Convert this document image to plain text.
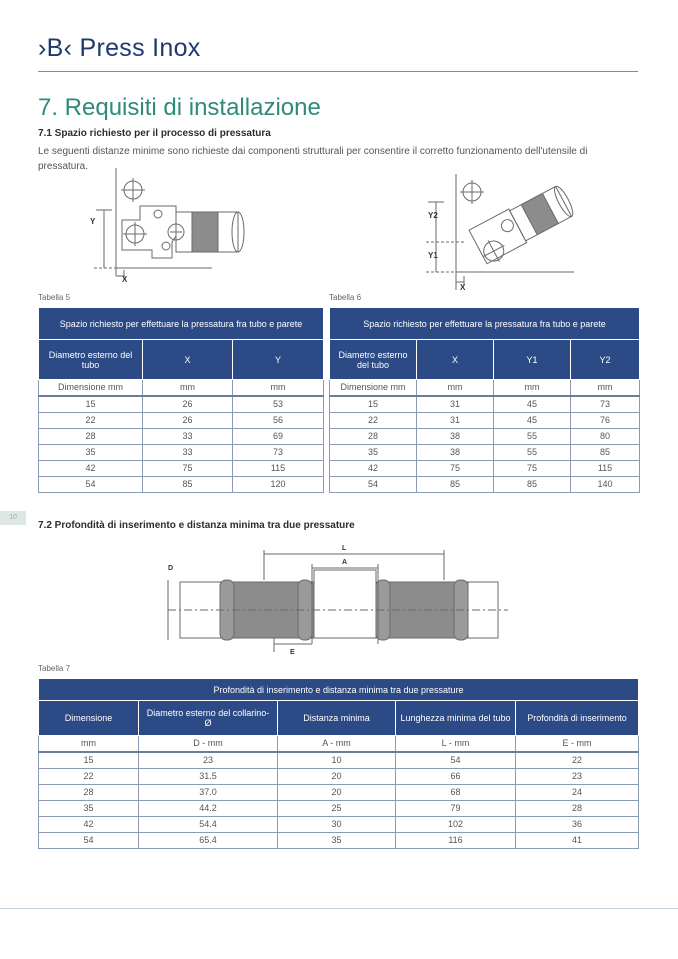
›B‹ Press Inox
7. Requisiti di installazione
7.1 Spazio richiesto per il processo di pressatura
Le seguenti distanze minime sono richieste dai componenti strutturali per consentire il corretto funzionamento dell'utensile di pressatura.
Y
X
Y2
Y1
X
Tabella 5
Spazio richiesto per effettuare la pressatura fra tubo e parete		
Diametro esterno del tubo	X	Y
Dimensione mm	mm	mm
15	26	53
22	26	56
28	33	69
35	33	73
42	75	115
54	85	120
Tabella 6
Spazio richiesto per effettuare la pressatura fra tubo e parete			
Diametro esterno del tubo	X	Y1	Y2
Dimensione mm	mm	mm	mm
15	31	45	73
22	31	45	76
28	38	55	80
35	38	55	85
42	75	75	115
54	85	85	140
10
7.2 Profondità di inserimento e distanza minima tra due pressature
L
A
D
E
Tabella 7
Profondità di inserimento e distanza minima tra due pressature				
Dimensione	Diametro esterno del collarino- Ø	Distanza minima	Lunghezza minima del tubo	Profondità di inserimento
mm	D - mm	A - mm	L - mm	E - mm
15	23	10	54	22
22	31.5	20	66	23
28	37.0	20	68	24
35	44.2	25	79	28
42	54.4	30	102	36
54	65.4	35	116	41
